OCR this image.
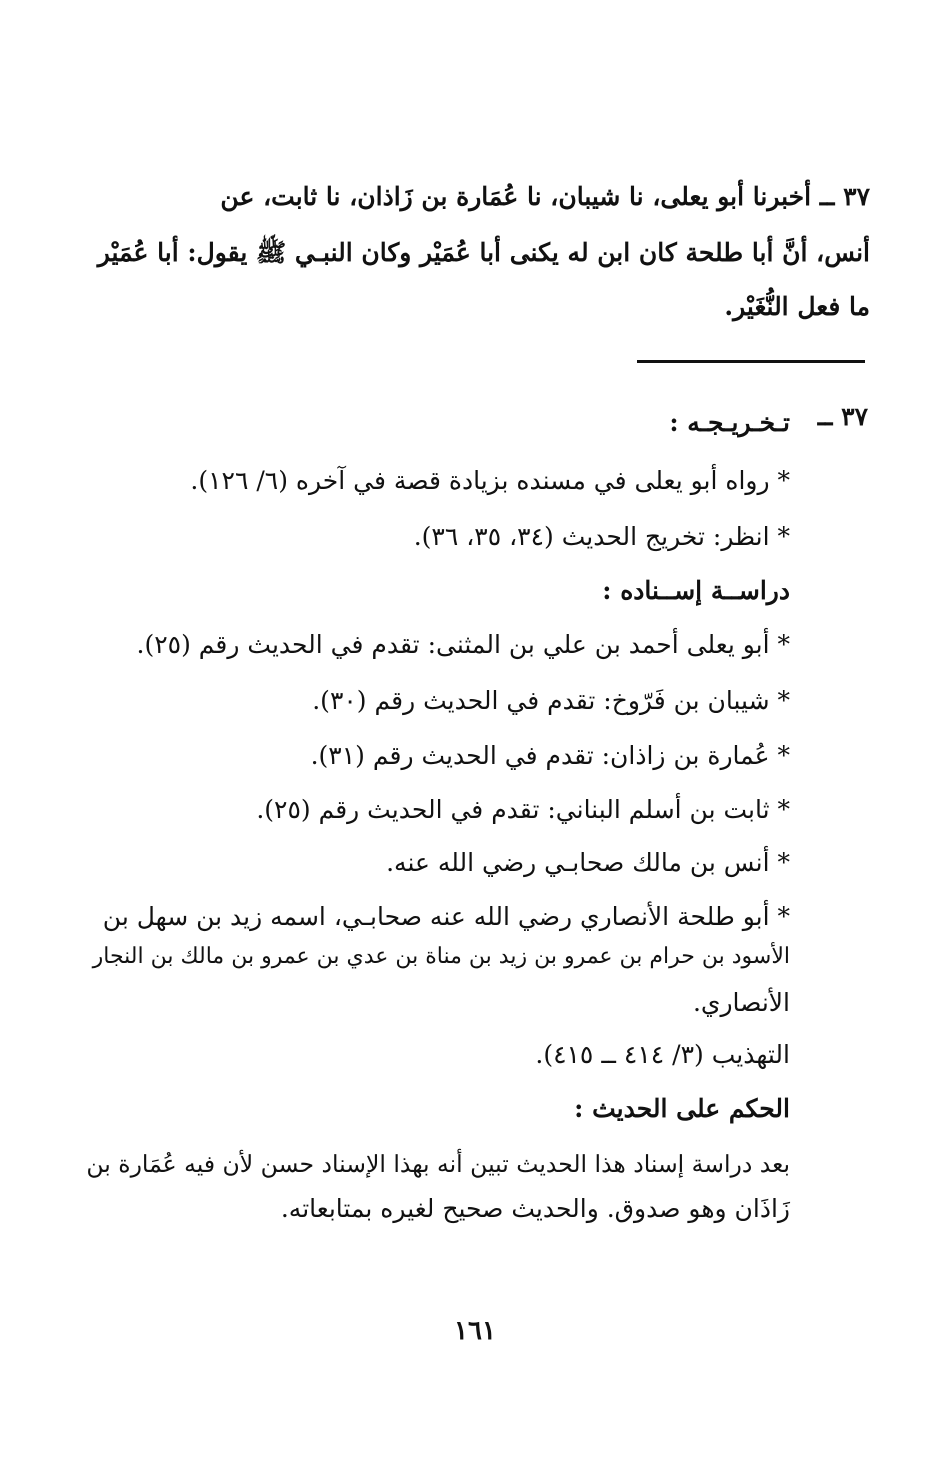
٣٧ ــ أخبرنا أبو يعلى، نا شيبان، نا عُمَارة بن زَاذان، نا ثابت، عن
أنس، أنَّ أبا طلحة كان ابن له يكنى أبا عُمَيْر وكان النبـي ﷺ يقول: أبا عُمَيْر
ما فعل النُّغَيْر.
٣٧ ــ
تـخـريـجـه :
* رواه أبو يعلى في مسنده بزيادة قصة في آخره (٦/ ١٢٦).
* انظر: تخريج الحديث (٣٤، ٣٥، ٣٦).
دراســة إســناده :
* أبو يعلى أحمد بن علي بن المثنى: تقدم في الحديث رقم (٢٥).
* شيبان بن فَرّوخ: تقدم في الحديث رقم (٣٠).
* عُمارة بن زاذان: تقدم في الحديث رقم (٣١).
* ثابت بن أسلم البناني: تقدم في الحديث رقم (٢٥).
* أنس بن مالك صحابـي رضي الله عنه.
* أبو طلحة الأنصاري رضي الله عنه صحابـي، اسمه زيد بن سهل بن
الأسود بن حرام بن عمرو بن زيد بن مناة بن عدي بن عمرو بن مالك بن النجار
الأنصاري.
التهذيب (٣/ ٤١٤ ــ ٤١٥).
الحكم على الحديث :
بعد دراسة إسناد هذا الحديث تبين أنه بهذا الإسناد حسن لأن فيه عُمَارة بن
زَاذَان وهو صدوق. والحديث صحيح لغيره بمتابعاته.
١٦١
